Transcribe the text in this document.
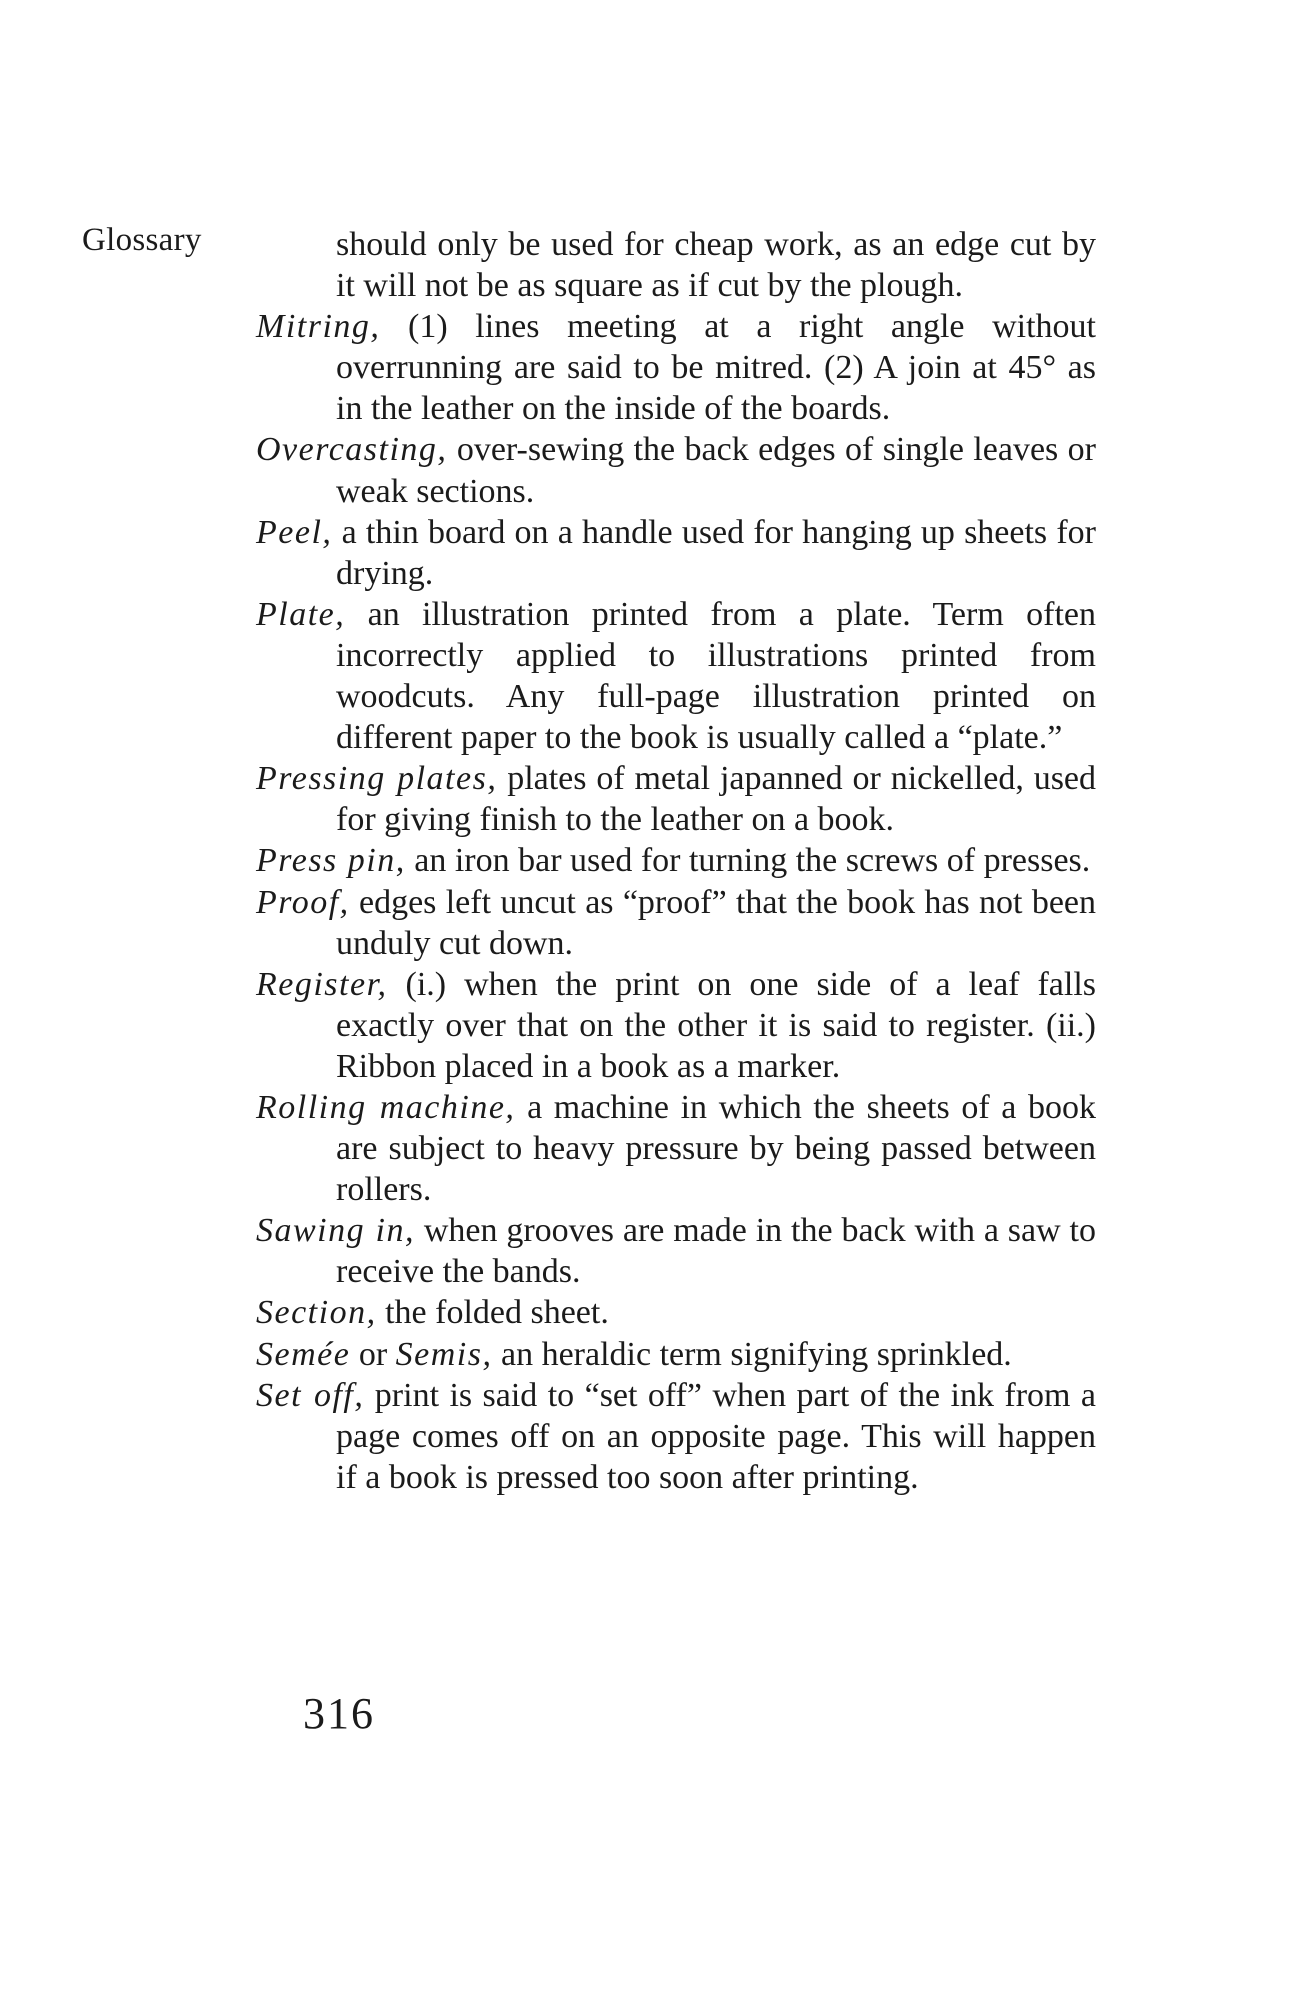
Glossary	should only be used for cheap work, as an edge cut by it will not be as square as if cut by the plough.

Mitring, (1) lines meeting at a right angle without overrunning are said to be mitred. (2) A join at 45° as in the leather on the inside of the boards.

Overcasting, over-sewing the back edges of single leaves or weak sections.

Peel, a thin board on a handle used for hanging up sheets for drying.

Plate, an illustration printed from a plate. Term often incorrectly applied to illustrations printed from woodcuts. Any full-page illustration printed on different paper to the book is usually called a “plate.”

Pressing plates, plates of metal japanned or nickelled, used for giving finish to the leather on a book.

Press pin, an iron bar used for turning the screws of presses.

Proof, edges left uncut as “proof” that the book has not been unduly cut down.

Register, (i.) when the print on one side of a leaf falls exactly over that on the other it is said to register. (ii.) Ribbon placed in a book as a marker.

Rolling machine, a machine in which the sheets of a book are subject to heavy pressure by being passed between rollers.

Sawing in, when grooves are made in the back with a saw to receive the bands.

Section, the folded sheet.

Semée or Semis, an heraldic term signifying sprinkled.

Set off, print is said to “set off” when part of the ink from a page comes off on an opposite page. This will happen if a book is pressed too soon after printing.

316
